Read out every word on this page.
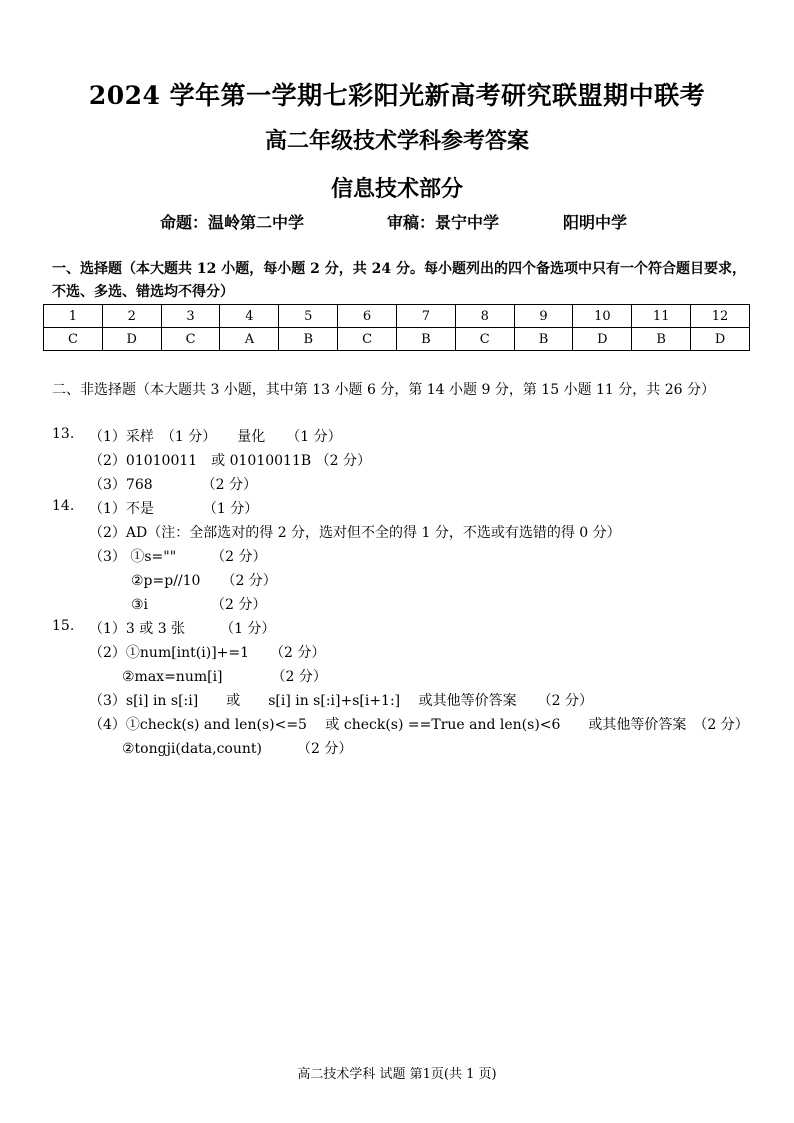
2024 学年第一学期七彩阳光新高考研究联盟期中联考
高二年级技术学科参考答案
信息技术部分
命题：温岭第二中学	审稿：景宁中学	阳明中学
一、选择题（本大题共 12 小题，每小题 2 分，共 24 分。每小题列出的四个备选项中只有一个符合题目要求，不选、多选、错选均不得分）
1	2	3	4	5	6	7	8	9	10	11	12
C	D	C	A	B	C	B	C	B	D	B	D
二、非选择题（本大题共 3 小题，其中第 13 小题 6 分，第 14 小题 9 分，第 15 小题 11 分，共 26 分）
13. （1）采样　（1 分）　　量化　　（1 分）
（2）01010011　或 01010011B （2 分）
（3）768　　　　（2 分）
14. （1）不是　　　　（1 分）
（2）AD（注：全部选对的得 2 分，选对但不全的得 1 分，不选或有选错的得 0 分）
（3） ①s=""　　　（2 分）
②p=p//10　　（2 分）
③i　　　　　（2 分）
15. （1）3 或 3 张　　　（1 分）
（2）①num[int(i)]+=1　　（2 分）
②max=num[i]　　　　（2 分）
（3）s[i] in s[:i]　　或　　s[i] in s[:i]+s[i+1:]　 或其他等价答案　　（2 分）
（4）①check(s) and len(s)<=5　 或 check(s) ==True and len(s)<6　　或其他等价答案　（2 分）
②tongji(data,count)　　　（2 分）
高二技术学科 试题 第1页(共 1 页)
